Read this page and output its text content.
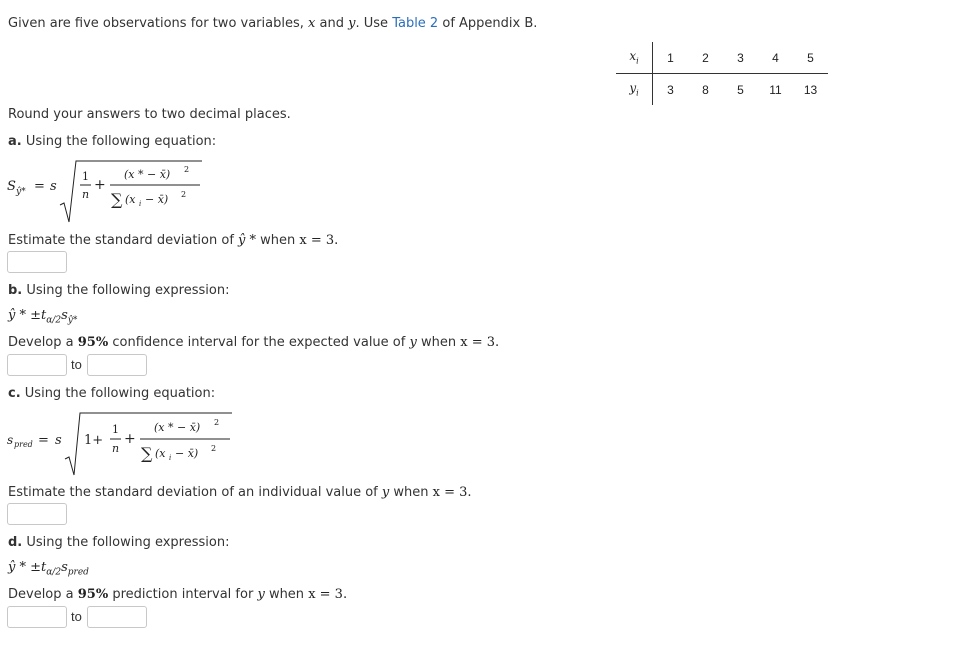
Given are five observations for two variables, x and y. Use Table 2 of Appendix B.
$x_i$	1	2	3	4	5
$y_i$	3	8	5	11	13
Round your answers to two decimal places.
a. Using the following equation:
S ŷ* = s
1
n
+
(x * − x̄) 2
∑ (x i − x̄) 2
Estimate the standard deviation of ŷ * when x = 3.
b. Using the following expression:
ŷ * $\pm t_{\alpha/2}s_{ŷ*}$
Develop a 95% confidence interval for the expected value of y when x = 3.
to
c. Using the following equation:
s pred = s 1+
1
n
+
(x * − x̄) 2
∑ (x i − x̄) 2
Estimate the standard deviation of an individual value of y when x = 3.
d. Using the following expression:
ŷ * $\pm t_{\alpha/2}s_{pred}$
Develop a 95% prediction interval for y when x = 3.
to
